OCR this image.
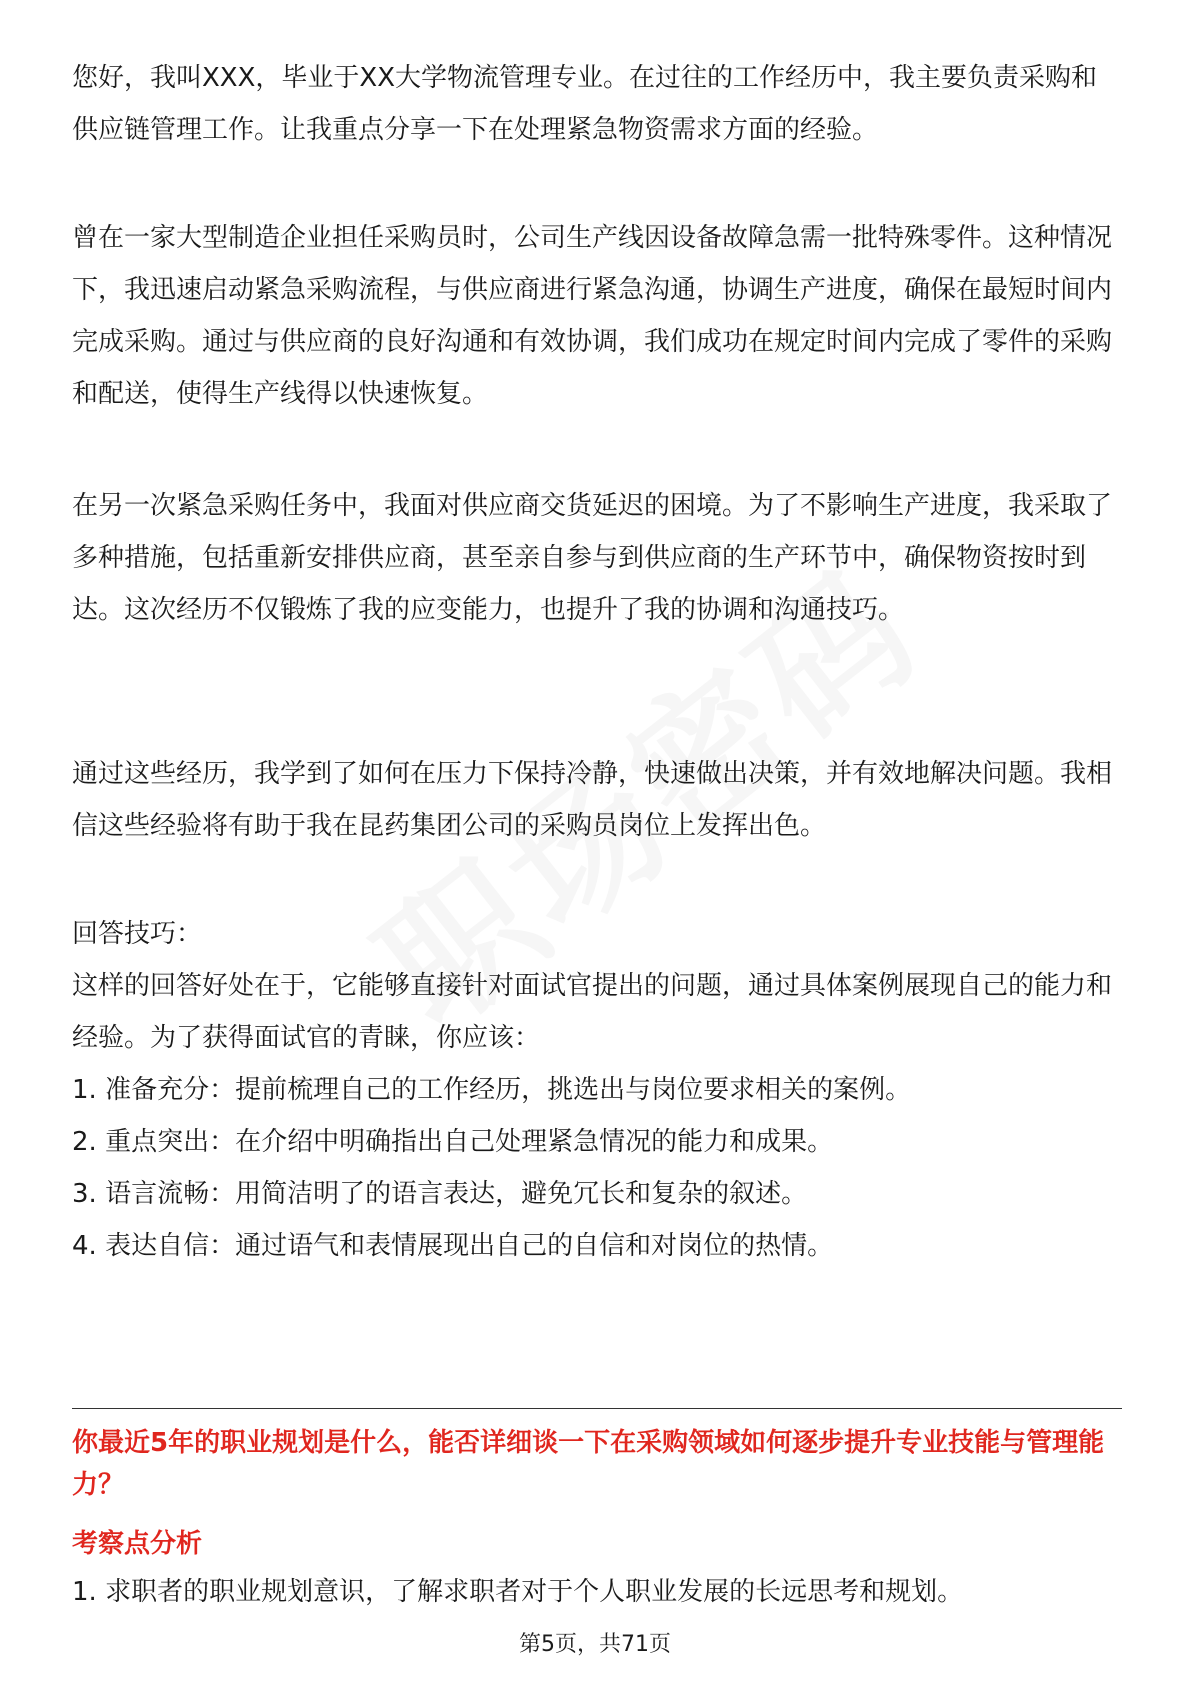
您好，我叫XXX，毕业于XX大学物流管理专业。在过往的工作经历中，我主要负责采购和供应链管理工作。让我重点分享一下在处理紧急物资需求方面的经验。

曾在一家大型制造企业担任采购员时，公司生产线因设备故障急需一批特殊零件。这种情况下，我迅速启动紧急采购流程，与供应商进行紧急沟通，协调生产进度，确保在最短时间内完成采购。通过与供应商的良好沟通和有效协调，我们成功在规定时间内完成了零件的采购和配送，使得生产线得以快速恢复。

在另一次紧急采购任务中，我面对供应商交货延迟的困境。为了不影响生产进度，我采取了多种措施，包括重新安排供应商，甚至亲自参与到供应商的生产环节中，确保物资按时到达。这次经历不仅锻炼了我的应变能力，也提升了我的协调和沟通技巧。

通过这些经历，我学到了如何在压力下保持冷静，快速做出决策，并有效地解决问题。我相信这些经验将有助于我在昆药集团公司的采购员岗位上发挥出色。

回答技巧：

这样的回答好处在于，它能够直接针对面试官提出的问题，通过具体案例展现自己的能力和经验。为了获得面试官的青睐，你应该：

1. 准备充分：提前梳理自己的工作经历，挑选出与岗位要求相关的案例。
2. 重点突出：在介绍中明确指出自己处理紧急情况的能力和成果。
3. 语言流畅：用简洁明了的语言表达，避免冗长和复杂的叙述。
4. 表达自信：通过语气和表情展现出自己的自信和对岗位的热情。

你最近5年的职业规划是什么，能否详细谈一下在采购领域如何逐步提升专业技能与管理能力？

考察点分析

1. 求职者的职业规划意识，了解求职者对于个人职业发展的长远思考和规划。
第5页，共71页
